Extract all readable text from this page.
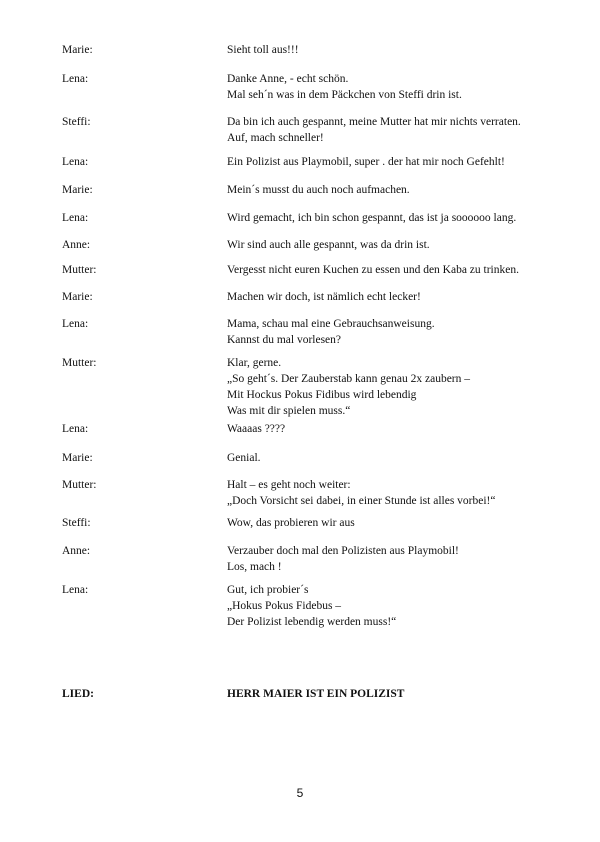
Marie:	Sieht toll aus!!!
Lena:	Danke Anne, - echt schön.
Mal seh´n was in dem Päckchen von Steffi drin ist.
Steffi:	Da bin ich auch gespannt, meine Mutter hat mir nichts verraten.
Auf, mach schneller!
Lena:	Ein Polizist aus Playmobil, super . der hat mir noch Gefehlt!
Marie:	Mein´s musst du auch noch aufmachen.
Lena:	Wird gemacht, ich bin schon gespannt, das ist ja soooooo lang.
Anne:	Wir sind auch alle gespannt, was da drin ist.
Mutter:	Vergesst nicht euren Kuchen zu essen und den Kaba zu trinken.
Marie:	Machen wir doch, ist nämlich echt lecker!
Lena:	Mama, schau mal eine Gebrauchsanweisung.
Kannst du mal vorlesen?
Mutter:	Klar, gerne.
„So geht´s. Der Zauberstab kann genau 2x zaubern –
Mit Hockus Pokus Fidibus wird lebendig
Was mit dir spielen muss.“
Lena:	Waaaas ????
Marie:	Genial.
Mutter:	Halt – es geht noch weiter:
„Doch Vorsicht sei dabei, in einer Stunde ist alles vorbei!“
Steffi:	Wow, das probieren wir aus
Anne:	Verzauber doch mal den Polizisten aus Playmobil!
Los, mach !
Lena:	Gut, ich probier´s
„Hokus Pokus Fidebus –
Der Polizist lebendig werden muss!“
LIED:	HERR MAIER IST EIN POLIZIST
5
